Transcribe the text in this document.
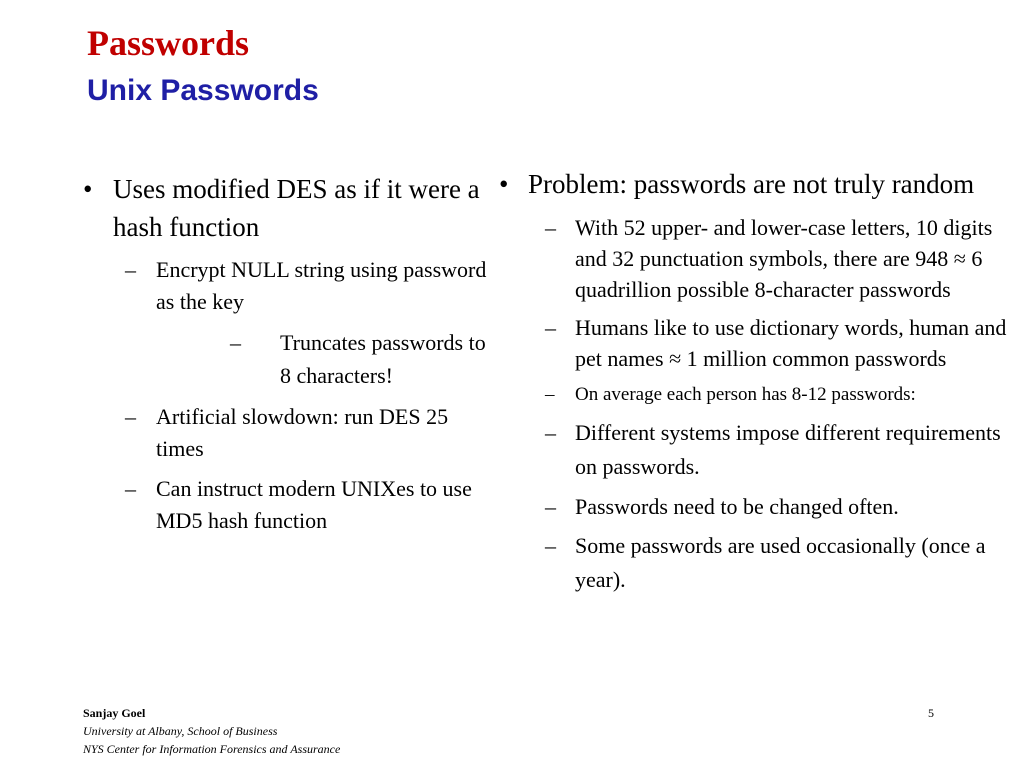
Passwords
Unix Passwords
• Uses modified DES as if it were a hash function
– Encrypt NULL string using password as the key
– Truncates passwords to 8 characters!
– Artificial slowdown: run DES 25 times
– Can instruct modern UNIXes to use MD5 hash function
• Problem: passwords are not truly random
– With 52 upper- and lower-case letters, 10 digits and 32 punctuation symbols, there are 948 ≈ 6 quadrillion possible 8-character passwords
– Humans like to use dictionary words, human and pet names ≈ 1 million common passwords
– On average each person has 8-12 passwords:
– Different systems impose different requirements on passwords.
– Passwords need to be changed often.
– Some passwords are used occasionally (once a year).
Sanjay Goel
University at Albany, School of Business
NYS Center for Information Forensics and Assurance
5
